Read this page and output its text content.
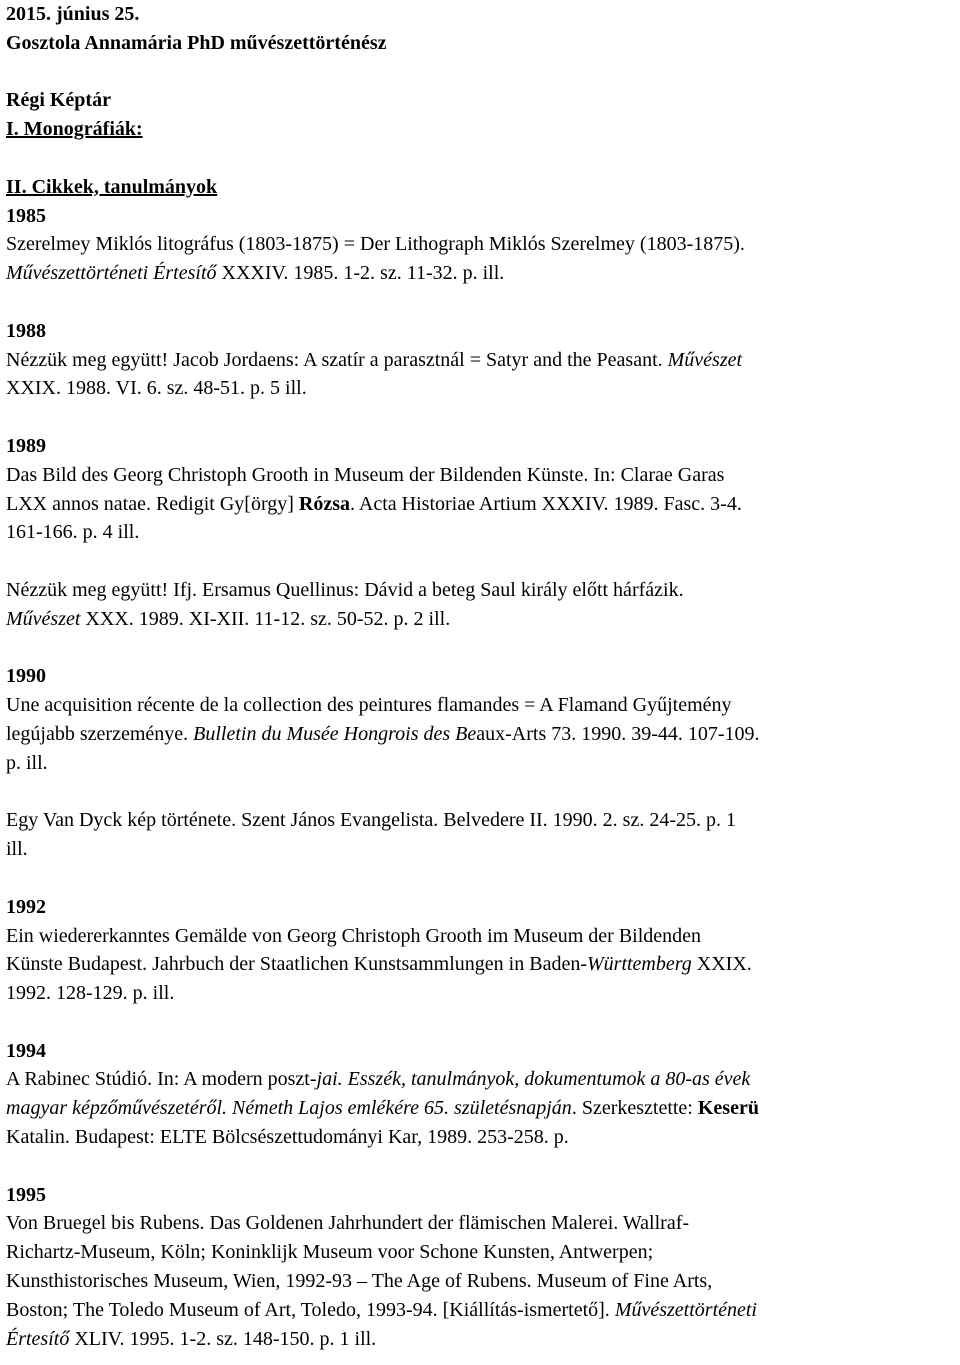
2015. június 25.

Gosztola Annamária PhD művészettörténész

Régi Képtár

I. Monográfiák:

II. Cikkek, tanulmányok

1985

Szerelmey Miklós litográfus (1803-1875) = Der Lithograph Miklós Szerelmey (1803-1875).

Művészettörténeti Értesítő XXXIV. 1985. 1-2. sz. 11-32. p. ill.

1988

Nézzük meg együtt! Jacob Jordaens: A szatír a parasztnál = Satyr and the Peasant. Művészet

XXIX. 1988. VI. 6. sz. 48-51. p. 5 ill.

1989

Das Bild des Georg Christoph Grooth in Museum der Bildenden Künste. In: Clarae Garas

LXX annos natae. Redigit Gy[örgy] Rózsa. Acta Historiae Artium XXXIV. 1989. Fasc. 3-4.

161-166. p. 4 ill.

Nézzük meg együtt! Ifj. Ersamus Quellinus: Dávid a beteg Saul király előtt hárfázik.

Művészet XXX. 1989. XI-XII. 11-12. sz. 50-52. p. 2 ill.

1990

Une acquisition récente de la collection des peintures flamandes = A Flamand Gyűjtemény

legújabb szerzeménye. Bulletin du Musée Hongrois des Beaux-Arts 73. 1990. 39-44. 107-109.

p. ill.

Egy Van Dyck kép története. Szent János Evangelista. Belvedere II. 1990. 2. sz. 24-25. p. 1

ill.

1992

Ein wiedererkanntes Gemälde von Georg Christoph Grooth im Museum der Bildenden

Künste Budapest. Jahrbuch der Staatlichen Kunstsammlungen in Baden-Württemberg XXIX.

1992. 128-129. p. ill.

1994

A Rabinec Stúdió. In: A modern poszt-jai. Esszék, tanulmányok, dokumentumok a 80-as évek

magyar képzőművészetéről. Németh Lajos emlékére 65. születésnapján. Szerkesztette: Keserü

Katalin. Budapest: ELTE Bölcsészettudományi Kar, 1989. 253-258. p.

1995

Von Bruegel bis Rubens. Das Goldenen Jahrhundert der flämischen Malerei. Wallraf-

Richartz-Museum, Köln; Koninklijk Museum voor Schone Kunsten, Antwerpen;

Kunsthistorisches Museum, Wien, 1992-93 – The Age of Rubens. Museum of Fine Arts,

Boston; The Toledo Museum of Art, Toledo, 1993-94. [Kiállítás-ismertető]. Művészettörténeti

Értesítő XLIV. 1995. 1-2. sz. 148-150. p. 1 ill.
